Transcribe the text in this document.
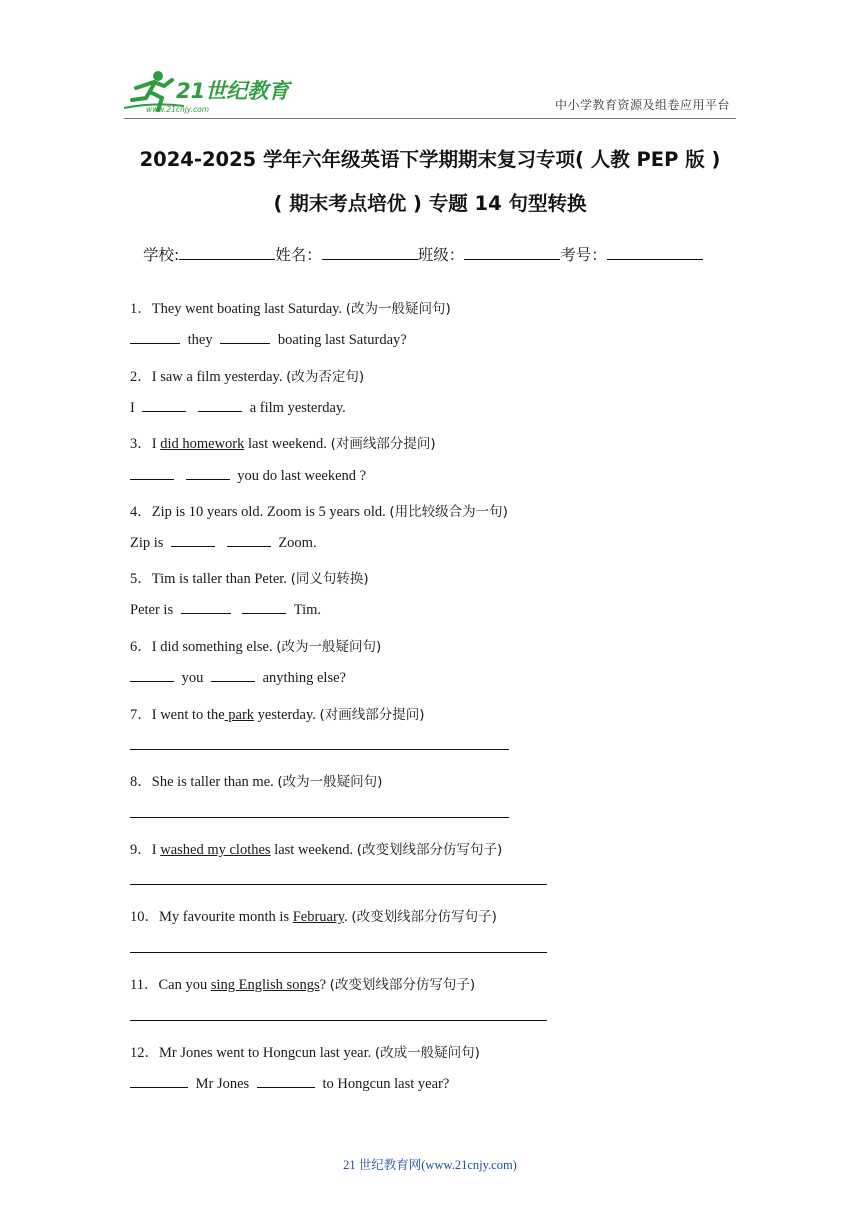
21世纪教育
www.21cnjy.com	中小学教育资源及组卷应用平台
2024-2025 学年六年级英语下学期期末复习专项( 人教 PEP 版 )
( 期末考点培优 ) 专题 14 句型转换
学校:	姓名：	班级：	考号：
1．They went boating last Saturday. (改为一般疑问句)
they	boating last Saturday?
2．I saw a film yesterday. (改为否定句)
I	a film yesterday.
3．I did homework last weekend. (对画线部分提问)
you do last weekend ?
4．Zip is 10 years old. Zoom is 5 years old. (用比较级合为一句)
Zip is	Zoom.
5．Tim is taller than Peter. (同义句转换)
Peter is	Tim.
6．I did something else. (改为一般疑问句)
you	anything else?
7．I went to the park yesterday. (对画线部分提问)
8．She is taller than me. (改为一般疑问句)
9．I washed my clothes last weekend. (改变划线部分仿写句子)
10．My favourite month is February. (改变划线部分仿写句子)
11．Can you sing English songs? (改变划线部分仿写句子)
12．Mr Jones went to Hongcun last year. (改成一般疑问句)
Mr Jones	to Hongcun last year?
21 世纪教育网(www.21cnjy.com)
